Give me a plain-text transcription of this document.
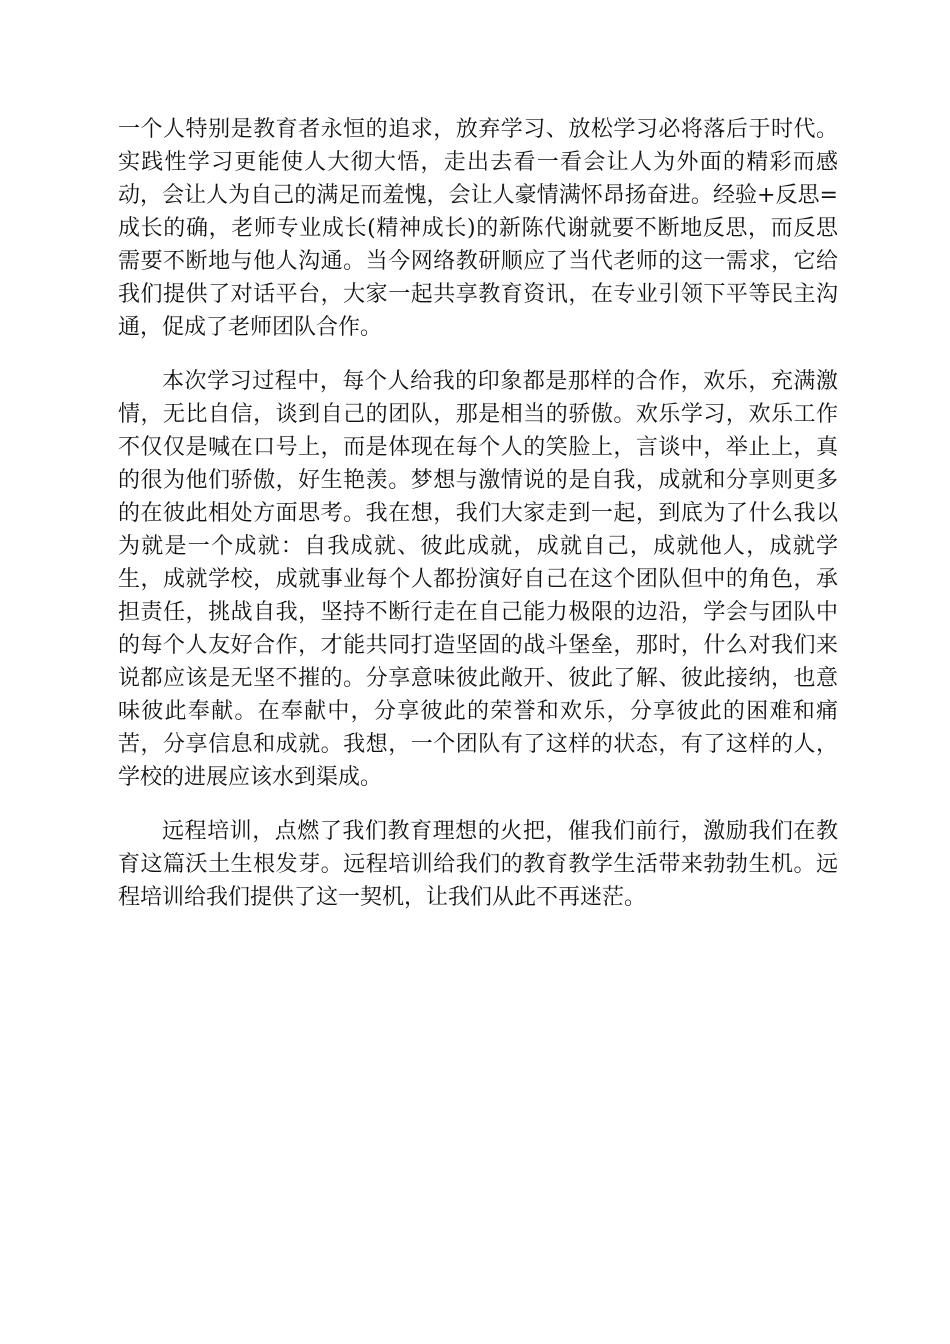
一个人特别是教育者永恒的追求，放弃学习、放松学习必将落后于时代。实践性学习更能使人大彻大悟，走出去看一看会让人为外面的精彩而感动，会让人为自己的满足而羞愧，会让人豪情满怀昂扬奋进。经验+反思=成长的确，老师专业成长(精神成长)的新陈代谢就要不断地反思，而反思需要不断地与他人沟通。当今网络教研顺应了当代老师的这一需求，它给我们提供了对话平台，大家一起共享教育资讯，在专业引领下平等民主沟通，促成了老师团队合作。

本次学习过程中，每个人给我的印象都是那样的合作，欢乐，充满激情，无比自信，谈到自己的团队，那是相当的骄傲。欢乐学习，欢乐工作不仅仅是喊在口号上，而是体现在每个人的笑脸上，言谈中，举止上，真的很为他们骄傲，好生艳羡。梦想与激情说的是自我，成就和分享则更多的在彼此相处方面思考。我在想，我们大家走到一起，到底为了什么我以为就是一个成就：自我成就、彼此成就，成就自己，成就他人，成就学生，成就学校，成就事业每个人都扮演好自己在这个团队但中的角色，承担责任，挑战自我，坚持不断行走在自己能力极限的边沿，学会与团队中的每个人友好合作，才能共同打造坚固的战斗堡垒，那时，什么对我们来说都应该是无坚不摧的。分享意味彼此敞开、彼此了解、彼此接纳，也意味彼此奉献。在奉献中，分享彼此的荣誉和欢乐，分享彼此的困难和痛苦，分享信息和成就。我想，一个团队有了这样的状态，有了这样的人，学校的进展应该水到渠成。

远程培训，点燃了我们教育理想的火把，催我们前行，激励我们在教育这篇沃土生根发芽。远程培训给我们的教育教学生活带来勃勃生机。远程培训给我们提供了这一契机，让我们从此不再迷茫。
